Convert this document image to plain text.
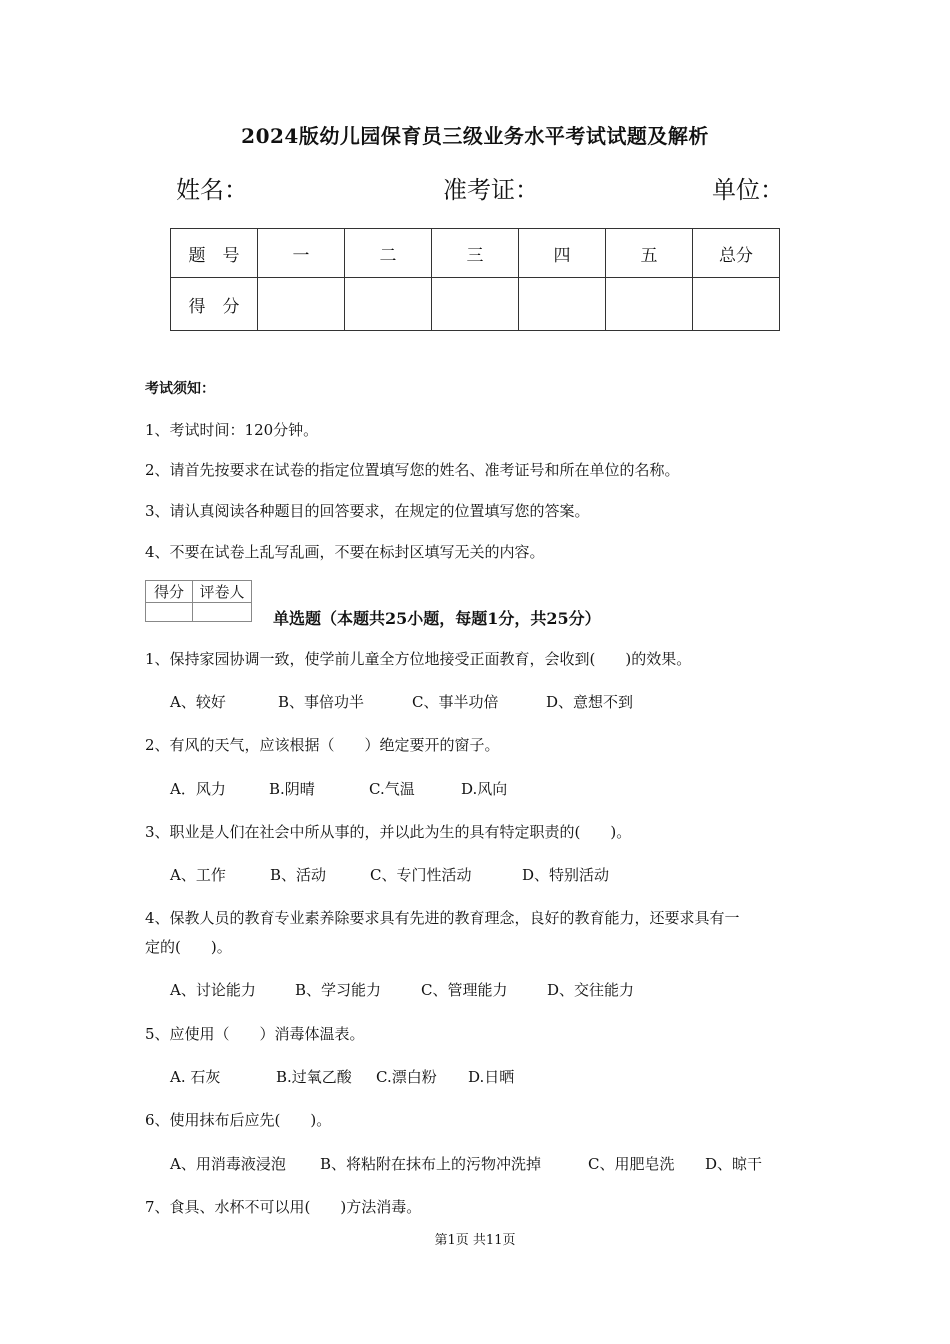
2024版幼儿园保育员三级业务水平考试试题及解析
姓名：	准考证：	单位：
题　号	一	二	三	四	五	总分
得　分						
考试须知：
1、考试时间：120分钟。
2、请首先按要求在试卷的指定位置填写您的姓名、准考证号和所在单位的名称。
3、请认真阅读各种题目的回答要求，在规定的位置填写您的答案。
4、不要在试卷上乱写乱画，不要在标封区填写无关的内容。
得分	评卷人

单选题（本题共25小题，每题1分，共25分）
1、保持家园协调一致，使学前儿童全方位地接受正面教育，会收到(　　)的效果。
A、较好	B、事倍功半	C、事半功倍	D、意想不到
2、有风的天气，应该根据（　　）绝定要开的窗子。
A．风力	B.阴晴	C.气温	D.风向
3、职业是人们在社会中所从事的，并以此为生的具有特定职责的(　　)。
A、工作	B、活动	C、专门性活动	D、特别活动
4、保教人员的教育专业素养除要求具有先进的教育理念，良好的教育能力，还要求具有一
定的(　　)。
A、讨论能力	B、学习能力	C、管理能力	D、交往能力
5、应使用（　　）消毒体温表。
A. 石灰	B.过氧乙酸 C.漂白粉 D.日晒
6、使用抹布后应先(　　)。
A、用消毒液浸泡 B、将粘附在抹布上的污物冲洗掉	C、用肥皂洗 D、晾干
7、食具、水杯不可以用(　　)方法消毒。
第1页 共11页
